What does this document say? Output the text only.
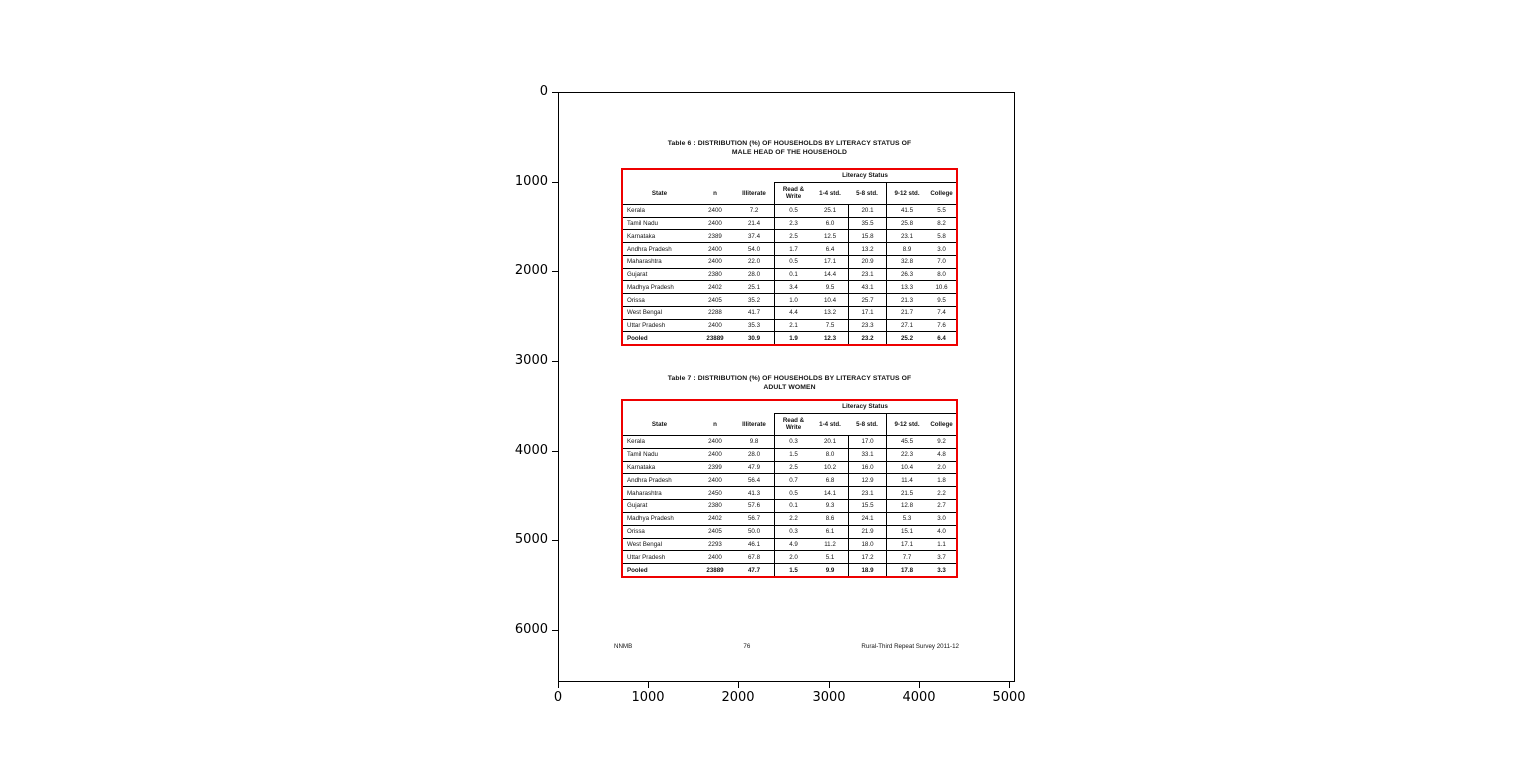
0
1000
2000
3000
4000
5000
6000
0	1000	2000	3000	4000	5000
Table 6 : DISTRIBUTION (%) OF HOUSEHOLDS BY LITERACY STATUS OF
MALE HEAD OF THE HOUSEHOLD
Literacy Status
State	n	Illiterate	Read & Write	1-4 std.	5-8 std.	9-12 std.	College
Kerala	2400	7.2	0.5	25.1	20.1	41.5	5.5
Tamil Nadu	2400	21.4	2.3	6.0	35.5	25.8	8.2
Karnataka	2389	37.4	2.5	12.5	15.8	23.1	5.8
Andhra Pradesh	2400	54.0	1.7	6.4	13.2	8.9	3.0
Maharashtra	2400	22.0	0.5	17.1	20.9	32.8	7.0
Gujarat	2380	28.0	0.1	14.4	23.1	26.3	8.0
Madhya Pradesh	2402	25.1	3.4	9.5	43.1	13.3	10.6
Orissa	2405	35.2	1.0	10.4	25.7	21.3	9.5
West Bengal	2288	41.7	4.4	13.2	17.1	21.7	7.4
Uttar Pradesh	2400	35.3	2.1	7.5	23.3	27.1	7.6
Pooled	23889	30.9	1.9	12.3	23.2	25.2	6.4
Table 7 : DISTRIBUTION (%) OF HOUSEHOLDS BY LITERACY STATUS OF
ADULT WOMEN
Literacy Status
State	n	Illiterate	Read & Write	1-4 std.	5-8 std.	9-12 std.	College
Kerala	2400	9.8	0.3	20.1	17.0	45.5	9.2
Tamil Nadu	2400	28.0	1.5	8.0	33.1	22.3	4.8
Karnataka	2399	47.9	2.5	10.2	16.0	10.4	2.0
Andhra Pradesh	2400	56.4	0.7	6.8	12.9	11.4	1.8
Maharashtra	2450	41.3	0.5	14.1	23.1	21.5	2.2
Gujarat	2380	57.6	0.1	9.3	15.5	12.8	2.7
Madhya Pradesh	2402	56.7	2.2	8.6	24.1	5.3	3.0
Orissa	2405	50.0	0.3	6.1	21.9	15.1	4.0
West Bengal	2293	46.1	4.9	11.2	18.0	17.1	1.1
Uttar Pradesh	2400	67.8	2.0	5.1	17.2	7.7	3.7
Pooled	23889	47.7	1.5	9.9	18.9	17.8	3.3
NNMB	76	Rural-Third Repeat Survey 2011-12
